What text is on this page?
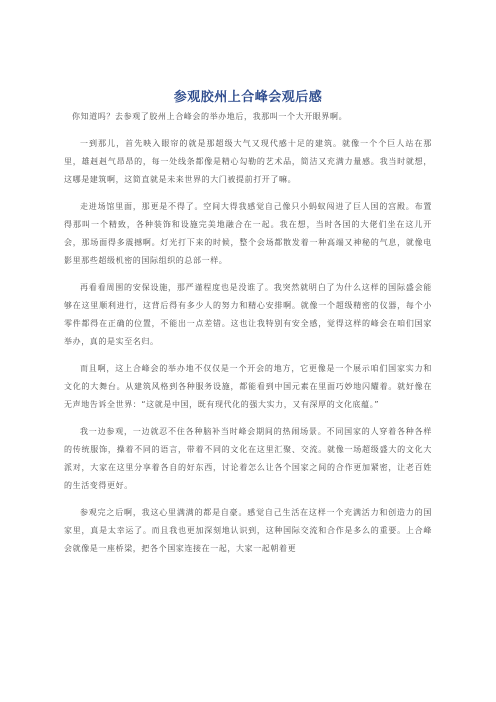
参观胶州上合峰会观后感

你知道吗？去参观了胶州上合峰会的举办地后，我那叫一个大开眼界啊。

一到那儿，首先映入眼帘的就是那超级大气又现代感十足的建筑。就像一个个巨人站在那里，雄赳赳气昂昂的，每一处线条都像是精心勾勒的艺术品，简洁又充满力量感。我当时就想，这哪是建筑啊，这简直就是未来世界的大门被提前打开了嘛。

走进场馆里面，那更是不得了。空间大得我感觉自己像只小蚂蚁闯进了巨人国的宫殿。布置得那叫一个精致，各种装饰和设施完美地融合在一起。我在想，当时各国的大佬们坐在这儿开会，那场面得多震撼啊。灯光打下来的时候，整个会场都散发着一种高端又神秘的气息，就像电影里那些超级机密的国际组织的总部一样。

再看看周围的安保设施，那严谨程度也是没谁了。我突然就明白了为什么这样的国际盛会能够在这里顺利进行，这背后得有多少人的努力和精心安排啊。就像一个超级精密的仪器，每个小零件都得在正确的位置，不能出一点差错。这也让我特别有安全感，觉得这样的峰会在咱们国家举办，真的是实至名归。

而且啊，这上合峰会的举办地不仅仅是一个开会的地方，它更像是一个展示咱们国家实力和文化的大舞台。从建筑风格到各种服务设施，都能看到中国元素在里面巧妙地闪耀着。就好像在无声地告诉全世界：“这就是中国，既有现代化的强大实力，又有深厚的文化底蕴。”

我一边参观，一边就忍不住各种脑补当时峰会期间的热闹场景。不同国家的人穿着各种各样的传统服饰，操着不同的语言，带着不同的文化在这里汇聚、交流。就像一场超级盛大的文化大派对，大家在这里分享着各自的好东西，讨论着怎么让各个国家之间的合作更加紧密，让老百姓的生活变得更好。

参观完之后啊，我这心里满满的都是自豪。感觉自己生活在这样一个充满活力和创造力的国家里，真是太幸运了。而且我也更加深刻地认识到，这种国际交流和合作是多么的重要。上合峰会就像是一座桥梁，把各个国家连接在一起，大家一起朝着更
